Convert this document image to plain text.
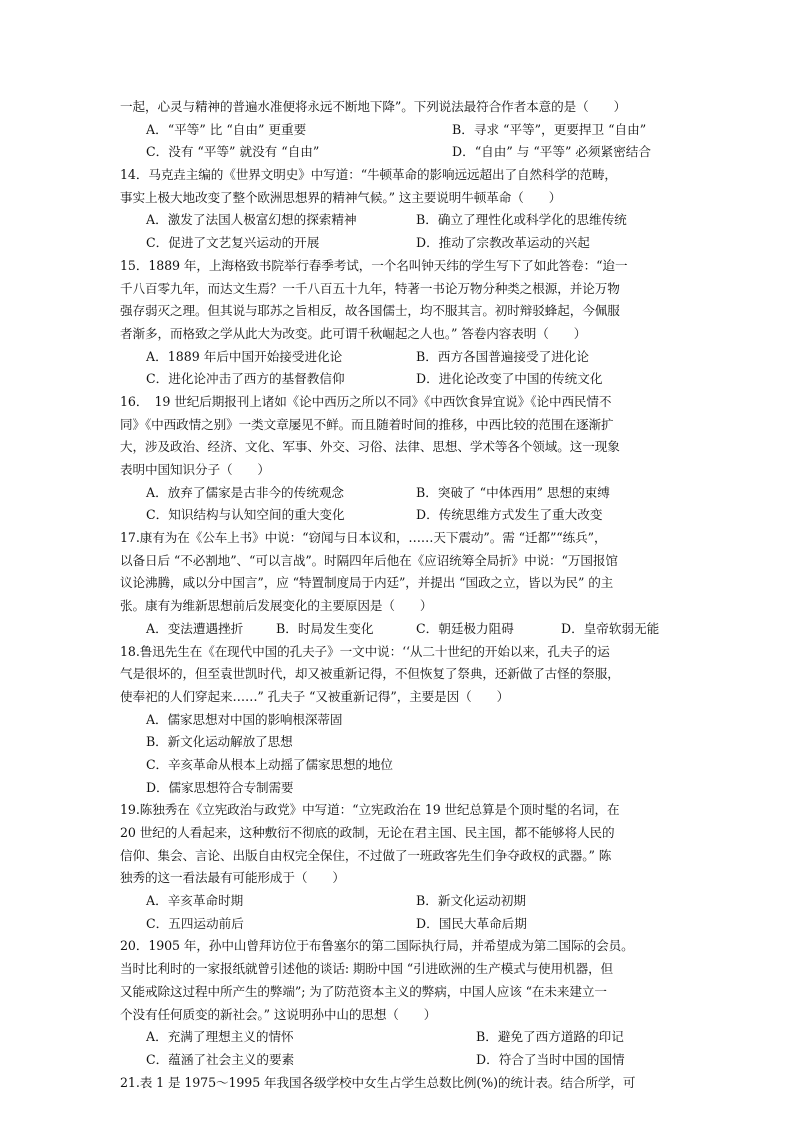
一起，心灵与精神的普遍水准便将永远不断地下降”。下列说法最符合作者本意的是（　　）
A．“平等” 比 “自由” 更重要	B．寻求 “平等”，更要捍卫 “自由”
C．没有 “平等” 就没有 “自由”	D．“自由” 与 “平等” 必须紧密结合
14．马克垚主编的《世界文明史》中写道：“牛顿革命的影响远远超出了自然科学的范畴，
事实上极大地改变了整个欧洲思想界的精神气候。” 这主要说明牛顿革命（　　）
A．激发了法国人极富幻想的探索精神	B．确立了理性化或科学化的思维传统
C．促进了文艺复兴运动的开展	D．推动了宗教改革运动的兴起
15．1889 年，上海格致书院举行春季考试，一个名叫钟天纬的学生写下了如此答卷：“迨一
千八百零九年，而达文生焉？一千八百五十九年，特著一书论万物分种类之根源，并论万物
强存弱灭之理。但其说与耶苏之旨相反，故各国儒士，均不服其言。初时辩驳蜂起，今佩服
者渐多，而格致之学从此大为改变。此可谓千秋崛起之人也。” 答卷内容表明（　　）
A．1889 年后中国开始接受进化论	B．西方各国普遍接受了进化论
C．进化论冲击了西方的基督教信仰	D．进化论改变了中国的传统文化
16．　19 世纪后期报刊上诸如《论中西历之所以不同》《中西饮食异宜说》《论中西民情不
同》《中西政情之别》一类文章屡见不鲜。而且随着时间的推移，中西比较的范围在逐渐扩
大，涉及政治、经济、文化、军事、外交、习俗、法律、思想、学术等各个领域。这一现象
表明中国知识分子（　　）
A．放弃了儒家是古非今的传统观念	B．突破了 “中体西用” 思想的束缚
C．知识结构与认知空间的重大变化	D．传统思维方式发生了重大改变
17.康有为在《公车上书》中说：“窃闻与日本议和，……天下震动”。需 “迁都”“练兵”，
以备日后 “不必割地”、“可以言战”。时隔四年后他在《应诏统筹全局折》中说：“万国报馆
议论沸腾，咸以分中国言”，应 “特置制度局于内廷”，并提出 “国政之立，皆以为民” 的主
张。康有为维新思想前后发展变化的主要原因是（　　）
A．变法遭遇挫折	B．时局发生变化	C．朝廷极力阻碍	D．皇帝软弱无能
18.鲁迅先生在《在现代中国的孔夫子》一文中说：‘‘从二十世纪的开始以来，孔夫子的运
气是很坏的，但至袁世凯时代，却又被重新记得，不但恢复了祭典，还新做了古怪的祭服，
使奉祀的人们穿起来……” 孔夫子 “又被重新记得”，主要是因（　　）
A．儒家思想对中国的影响根深蒂固
B．新文化运动解放了思想
C．辛亥革命从根本上动摇了儒家思想的地位
D．儒家思想符合专制需要
19.陈独秀在《立宪政治与政党》中写道：“立宪政治在 19 世纪总算是个顶时髦的名词，在
20 世纪的人看起来，这种敷衍不彻底的政制，无论在君主国、民主国，都不能够将人民的
信仰、集会、言论、出版自由权完全保住，不过做了一班政客先生们争夺政权的武器。” 陈
独秀的这一看法最有可能形成于（　　）
A．辛亥革命时期	B．新文化运动初期
C．五四运动前后	D．国民大革命后期
20．1905 年，孙中山曾拜访位于布鲁塞尔的第二国际执行局，并希望成为第二国际的会员。
当时比利时的一家报纸就曾引述他的谈话: 期盼中国 “引进欧洲的生产模式与使用机器，但
又能戒除这过程中所产生的弊端”; 为了防范资本主义的弊病，中国人应该 “在未来建立一
个没有任何质变的新社会。” 这说明孙中山的思想（　　）
A．充满了理想主义的情怀	B．避免了西方道路的印记
C．蕴涵了社会主义的要素	D．符合了当时中国的国情
21.表 1 是 1975～1995 年我国各级学校中女生占学生总数比例(%)的统计表。结合所学，可
